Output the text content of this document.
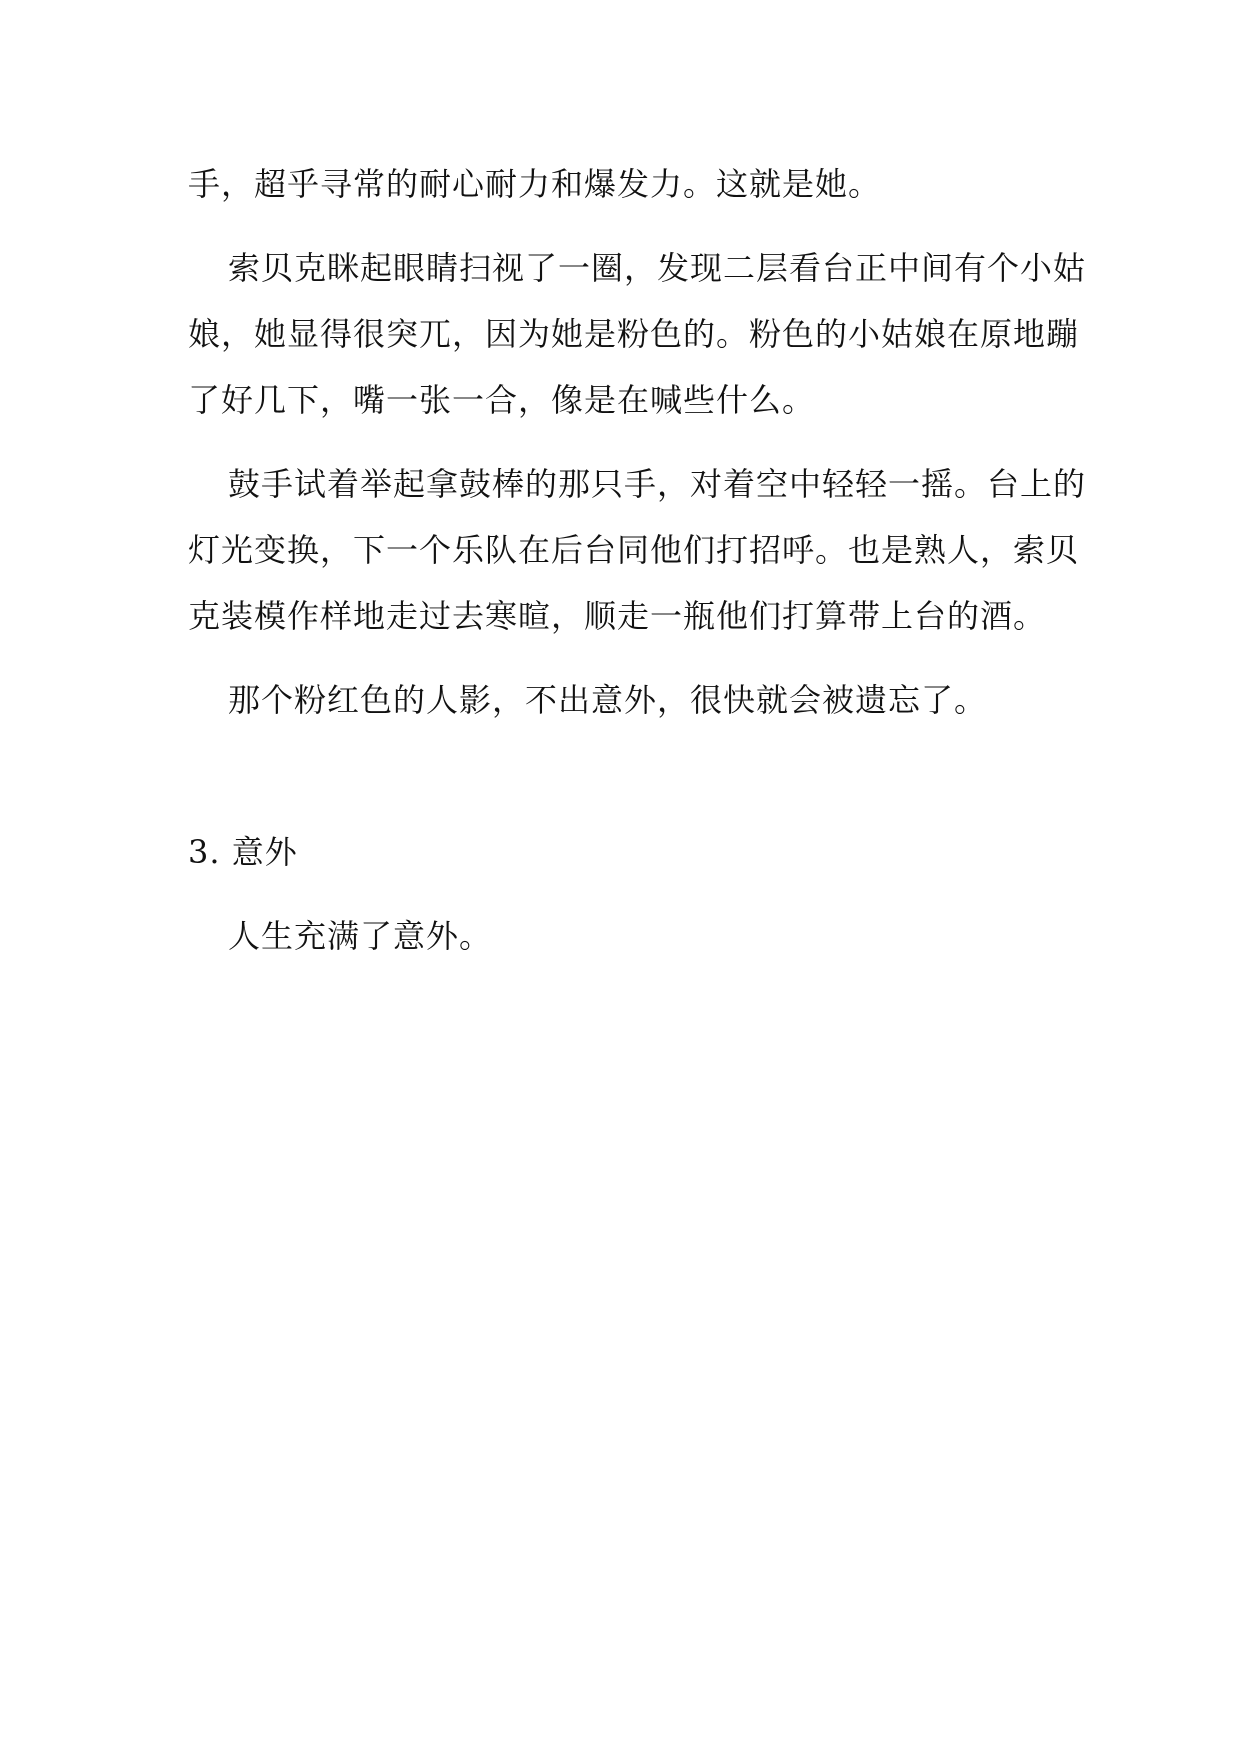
手，超乎寻常的耐心耐力和爆发力。这就是她。
索贝克眯起眼睛扫视了一圈，发现二层看台正中间有个小姑
娘，她显得很突兀，因为她是粉色的。粉色的小姑娘在原地蹦
了好几下，嘴一张一合，像是在喊些什么。
鼓手试着举起拿鼓棒的那只手，对着空中轻轻一摇。台上的
灯光变换，下一个乐队在后台同他们打招呼。也是熟人，索贝
克装模作样地走过去寒暄，顺走一瓶他们打算带上台的酒。
那个粉红色的人影，不出意外，很快就会被遗忘了。
3. 意外
人生充满了意外。
